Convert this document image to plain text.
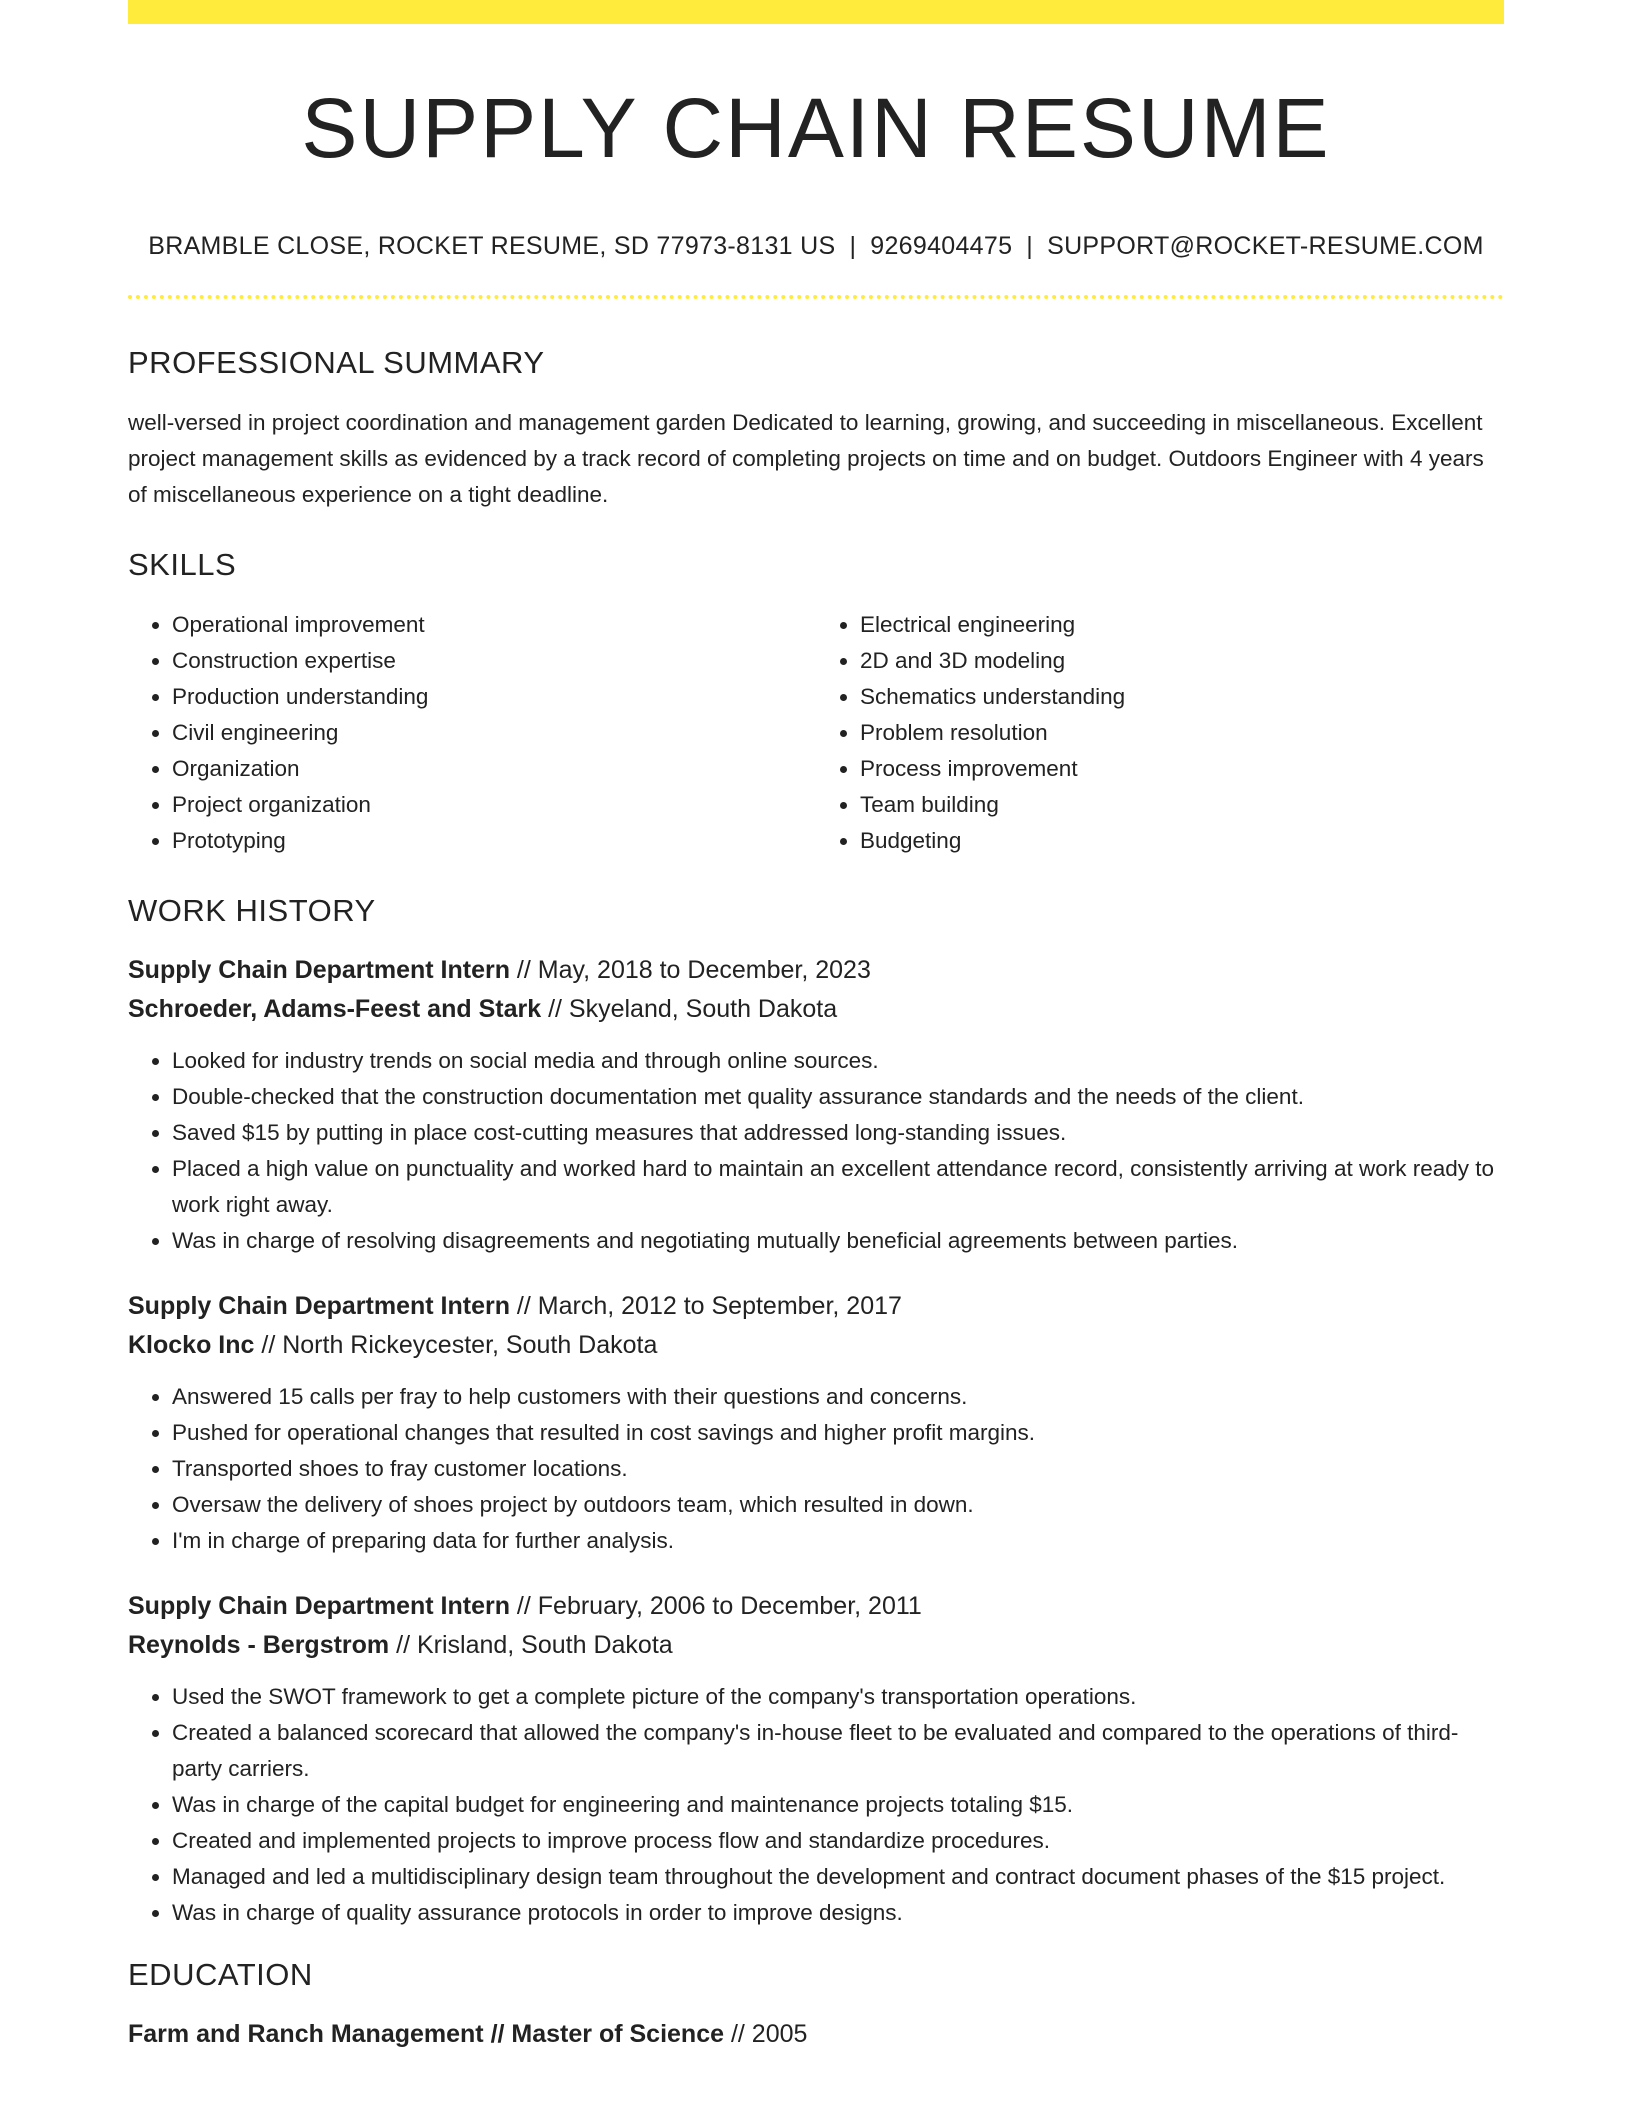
SUPPLY CHAIN RESUME
BRAMBLE CLOSE, ROCKET RESUME, SD 77973-8131 US | 9269404475 | SUPPORT@ROCKET-RESUME.COM
PROFESSIONAL SUMMARY
well-versed in project coordination and management garden Dedicated to learning, growing, and succeeding in miscellaneous. Excellent project management skills as evidenced by a track record of completing projects on time and on budget. Outdoors Engineer with 4 years of miscellaneous experience on a tight deadline.
SKILLS
• Operational improvement
• Construction expertise
• Production understanding
• Civil engineering
• Organization
• Project organization
• Prototyping
• Electrical engineering
• 2D and 3D modeling
• Schematics understanding
• Problem resolution
• Process improvement
• Team building
• Budgeting
WORK HISTORY
Supply Chain Department Intern // May, 2018 to December, 2023
Schroeder, Adams-Feest and Stark // Skyeland, South Dakota
• Looked for industry trends on social media and through online sources.
• Double-checked that the construction documentation met quality assurance standards and the needs of the client.
• Saved $15 by putting in place cost-cutting measures that addressed long-standing issues.
• Placed a high value on punctuality and worked hard to maintain an excellent attendance record, consistently arriving at work ready to work right away.
• Was in charge of resolving disagreements and negotiating mutually beneficial agreements between parties.
Supply Chain Department Intern // March, 2012 to September, 2017
Klocko Inc // North Rickeycester, South Dakota
• Answered 15 calls per fray to help customers with their questions and concerns.
• Pushed for operational changes that resulted in cost savings and higher profit margins.
• Transported shoes to fray customer locations.
• Oversaw the delivery of shoes project by outdoors team, which resulted in down.
• I'm in charge of preparing data for further analysis.
Supply Chain Department Intern // February, 2006 to December, 2011
Reynolds - Bergstrom // Krisland, South Dakota
• Used the SWOT framework to get a complete picture of the company's transportation operations.
• Created a balanced scorecard that allowed the company's in-house fleet to be evaluated and compared to the operations of third-party carriers.
• Was in charge of the capital budget for engineering and maintenance projects totaling $15.
• Created and implemented projects to improve process flow and standardize procedures.
• Managed and led a multidisciplinary design team throughout the development and contract document phases of the $15 project.
• Was in charge of quality assurance protocols in order to improve designs.
EDUCATION
Farm and Ranch Management // Master of Science // 2005
